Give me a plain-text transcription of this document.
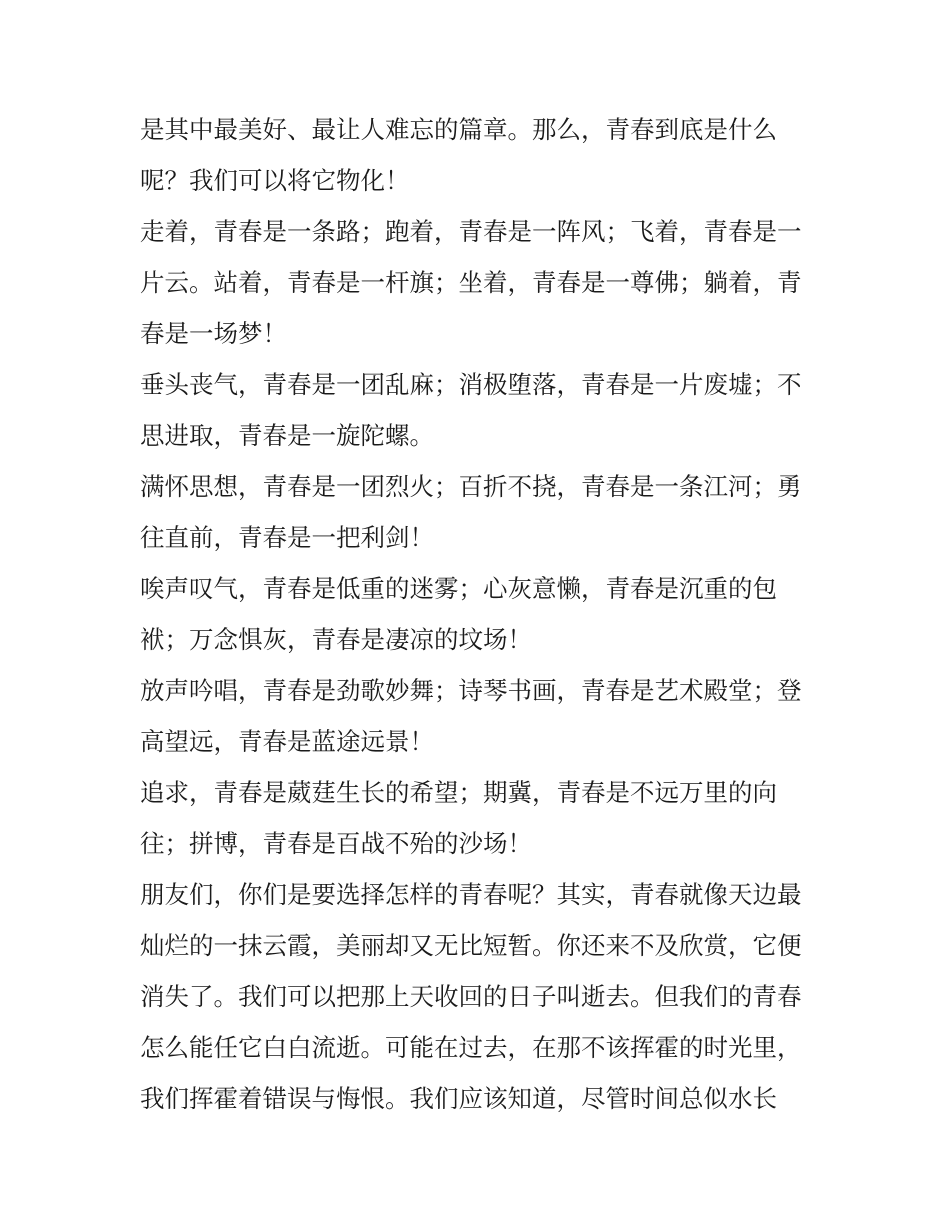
是其中最美好、最让人难忘的篇章。那么，青春到底是什么
呢？我们可以将它物化！
走着，青春是一条路；跑着，青春是一阵风；飞着，青春是一
片云。站着，青春是一杆旗；坐着，青春是一尊佛；躺着，青
春是一场梦！
垂头丧气，青春是一团乱麻；消极堕落，青春是一片废墟；不
思进取，青春是一旋陀螺。
满怀思想，青春是一团烈火；百折不挠，青春是一条江河；勇
往直前，青春是一把利剑！
唉声叹气，青春是低重的迷雾；心灰意懒，青春是沉重的包
袱；万念惧灰，青春是凄凉的坟场！
放声吟唱，青春是劲歌妙舞；诗琴书画，青春是艺术殿堂；登
高望远，青春是蓝途远景！
追求，青春是葳莛生长的希望；期冀，青春是不远万里的向
往；拼博，青春是百战不殆的沙场！
朋友们，你们是要选择怎样的青春呢？其实，青春就像天边最
灿烂的一抹云霞，美丽却又无比短暂。你还来不及欣赏，它便
消失了。我们可以把那上天收回的日子叫逝去。但我们的青春
怎么能任它白白流逝。可能在过去，在那不该挥霍的时光里，
我们挥霍着错误与悔恨。我们应该知道，尽管时间总似水长
